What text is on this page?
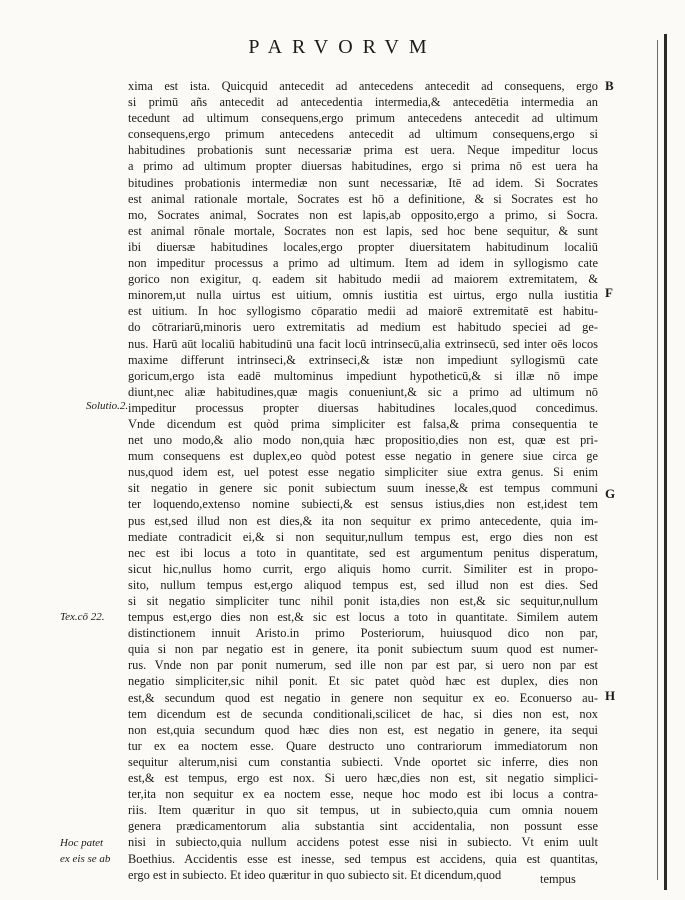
PARVORVM
xima est ista. Quicquid antecedit ad antecedens antecedit ad consequens, ergo
si primū añs antecedit ad antecedentia intermedia,& antecedētia intermedia an
tecedunt ad ultimum consequens,ergo primum antecedens antecedit ad ultimum
consequens,ergo primum antecedens antecedit ad ultimum consequens,ergo si
habitudines probationis sunt necessariæ prima est uera. Neque impeditur locus
a primo ad ultimum propter diuersas habitudines, ergo si prima nō est uera ha
bitudines probationis intermediæ non sunt necessariæ, Itē ad idem. Si Socrates
est animal rationale mortale, Socrates est hō a definitione, & si Socrates est ho
mo, Socrates animal, Socrates non est lapis,ab opposito,ergo a primo, si Socra.
est animal rōnale mortale, Socrates non est lapis, sed hoc bene sequitur, & sunt
ibi diuersæ habitudines locales,ergo propter diuersitatem habitudinum localiū
non impeditur processus a primo ad ultimum. Item ad idem in syllogismo cate
gorico non exigitur, q. eadem sit habitudo medii ad maiorem extremitatem, &
minorem,ut nulla uirtus est uitium, omnis iustitia est uirtus, ergo nulla iustitia
est uitium. In hoc syllogismo cōparatio medii ad maiorē extremitatē est habitu-
do cōtrariarū,minoris uero extremitatis ad medium est habitudo speciei ad ge-
nus. Harū aūt localiū habitudinū una facit locū intrinsecū,alia extrinsecū, sed inter oēs locos
maxime differunt intrinseci,& extrinseci,& istæ non impediunt syllogismū cate
goricum,ergo ista eadē multominus impediunt hypotheticū,& si illæ nō impe
diunt,nec aliæ habitudines,quæ magis conueniunt,& sic a primo ad ultimum nō
impeditur processus propter diuersas habitudines locales,quod concedimus.
Vnde dicendum est quòd prima simpliciter est falsa,& prima consequentia te
net uno modo,& alio modo non,quia hæc propositio,dies non est, quæ est pri-
mum consequens est duplex,eo quòd potest esse negatio in genere siue circa ge
nus,quod idem est, uel potest esse negatio simpliciter siue extra genus. Si enim
sit negatio in genere sic ponit subiectum suum inesse,& est tempus communi
ter loquendo,extenso nomine subiecti,& est sensus istius,dies non est,idest tem
pus est,sed illud non est dies,& ita non sequitur ex primo antecedente, quia im-
mediate contradicit ei,& si non sequitur,nullum tempus est, ergo dies non est
nec est ibi locus a toto in quantitate, sed est argumentum penitus disperatum,
sicut hic,nullus homo currit, ergo aliquis homo currit. Similiter est in propo-
sito, nullum tempus est,ergo aliquod tempus est, sed illud non est dies. Sed
si sit negatio simpliciter tunc nihil ponit ista,dies non est,& sic sequitur,nullum
tempus est,ergo dies non est,& sic est locus a toto in quantitate. Similem autem
distinctionem innuit Aristo.in primo Posteriorum, huiusquod dico non par,
quia si non par negatio est in genere, ita ponit subiectum suum quod est numer-
rus. Vnde non par ponit numerum, sed ille non par est par, si uero non par est
negatio simpliciter,sic nihil ponit. Et sic patet quòd hæc est duplex, dies non
est,& secundum quod est negatio in genere non sequitur ex eo. Econuerso au-
tem dicendum est de secunda conditionali,scilicet de hac, si dies non est, nox
non est,quia secundum quod hæc dies non est, est negatio in genere, ita sequi
tur ex ea noctem esse. Quare destructo uno contrariorum immediatorum non
sequitur alterum,nisi cum constantia subiecti. Vnde oportet sic inferre, dies non
est,& est tempus, ergo est nox. Si uero hæc,dies non est, sit negatio simplici-
ter,ita non sequitur ex ea noctem esse, neque hoc modo est ibi locus a contra-
riis. Item quæritur in quo sit tempus, ut in subiecto,quia cum omnia nouem
genera prædicamentorum alia substantia sint accidentalia, non possunt esse
nisi in subiecto,quia nullum accidens potest esse nisi in subiecto. Vt enim uult
Boethius. Accidentis esse est inesse, sed tempus est accidens, quia est quantitas,
ergo est in subiecto. Et ideo quæritur in quo subiecto sit. Et dicendum,quod	tempus
Solutio.2.
Tex.cō 22.
Hoc patet
ex eis se ab
B
F
G
H
